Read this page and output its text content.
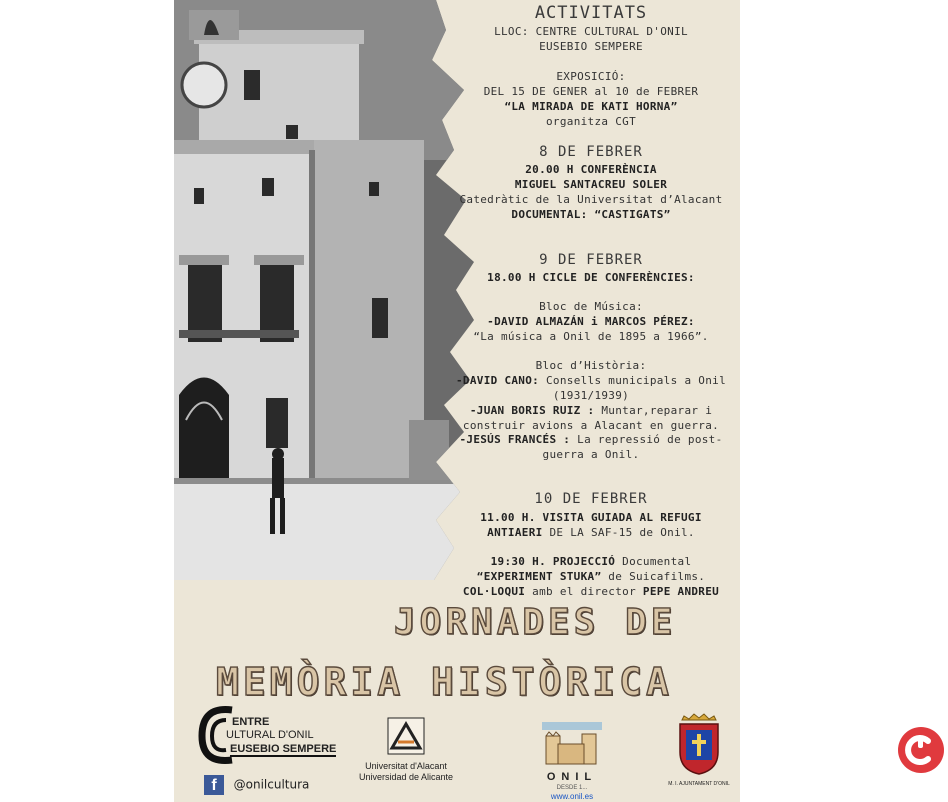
ACTIVITATS
LLOC: CENTRE CULTURAL D'ONIL
EUSEBIO SEMPERE
EXPOSICIÓ:
DEL 15 DE GENER al 10 de FEBRER
“LA MIRADA DE KATI HORNA”
organitza CGT
8 DE FEBRER
20.00 H CONFERÈNCIA
MIGUEL SANTACREU SOLER
Catedràtic de la Universitat d’Alacant
DOCUMENTAL: “CASTIGATS”
9 DE FEBRER
18.00 H CICLE DE CONFERÈNCIES:
Bloc de Música:
-DAVID ALMAZÁN i MARCOS PÉREZ:
“La música a Onil de 1895 a 1966”.
Bloc d’Història:
-DAVID CANO: Consells municipals a Onil
(1931/1939)
-JUAN BORIS RUIZ : Muntar,reparar i
construir avions a Alacant en guerra.
-JESÚS FRANCÉS : La repressió de post-
guerra a Onil.
10 DE FEBRER
11.00 H. VISITA GUIADA AL REFUGI
ANTIAERI DE LA SAF-15 de Onil.
19:30 H. PROJECCIÓ Documental
“EXPERIMENT STUKA” de Suicafilms.
COL·LOQUI amb el director PEPE ANDREU
JORNADES DE
MEMÒRIA HISTÒRICA
ENTRE
ULTURAL D'ONIL
EUSEBIO SEMPERE
f @onilcultura
Universitat d'Alacant
Universidad de Alicante	ONIL
DESDE 1...
www.onil.es
M. I. AJUNTAMENT D'ONIL
